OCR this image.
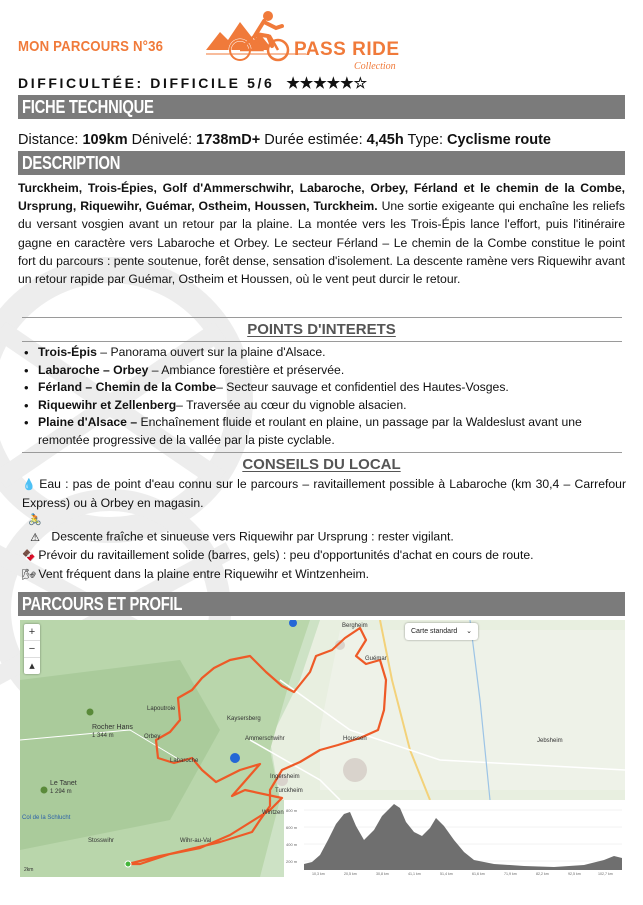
MON PARCOURS N°36	PASS RIDE
Collection
DIFFICULTÉE: DIFFICILE 5/6 ★★★★★☆
FICHE TECHNIQUE
Distance: 109km Dénivelé: 1738mD+ Durée estimée: 4,45h Type: Cyclisme route
DESCRIPTION

Turckheim, Trois-Épies, Golf d'Ammerschwihr, Labaroche, Orbey, Férland et le chemin de la Combe, Ursprung, Riquewihr, Guémar, Ostheim, Houssen, Turckheim. Une sortie exigeante qui enchaîne les reliefs du versant vosgien avant un retour par la plaine. La montée vers les Trois-Épis lance l'effort, puis l'itinéraire gagne en caractère vers Labaroche et Orbey. Le secteur Férland – Le chemin de la Combe constitue le point fort du parcours : pente soutenue, forêt dense, sensation d'isolement. La descente ramène vers Riquewihr avant un retour rapide par Guémar, Ostheim et Houssen, où le vent peut durcir le retour.

POINTS D'INTERETS
• Trois-Épis – Panorama ouvert sur la plaine d'Alsace.
• Labaroche – Orbey – Ambiance forestière et préservée.
• Férland – Chemin de la Combe– Secteur sauvage et confidentiel des Hautes-Vosges.
• Riquewihr et Zellenberg– Traversée au cœur du vignoble alsacien.
• Plaine d'Alsace – Enchaînement fluide et roulant en plaine, un passage par la Waldeslust avant une remontée progressive de la vallée par la piste cyclable.
CONSEILS DU LOCAL
💧 Eau : pas de point d'eau connu sur le parcours – ravitaillement possible à Labaroche (km 30,4 – Carrefour Express) ou à Orbey en magasin.
🚴 ⚠ Descente fraîche et sinueuse vers Riquewihr par Ursprung : rester vigilant.
🍫 Prévoir du ravitaillement solide (barres, gels) : peu d'opportunités d'achat en cours de route.
🌬 Vent fréquent dans la plaine entre Riquewihr et Wintzenheim.
PARCOURS ET PROFIL
+
−
▴
Carte standard ⌄
Bergheim
Guémar
Lapoutroie
Kaysersberg
Orbey	Ammerschwihr	Houssen	Jebsheim
Labaroche
Ingersheim
Turckheim
Wintzen
Rocher Hans
1 344 m
Le Tanet
1 294 m
Col de la Schlucht
Stosswihr	Wihr-au-Val
2km
800 m
600 m
400 m
200 m
10,3 km	20,5 km	30,8 km	41,1 km	51,4 km	61,6 km	71,9 km	82,2 km	92,5 km	102,7 km
